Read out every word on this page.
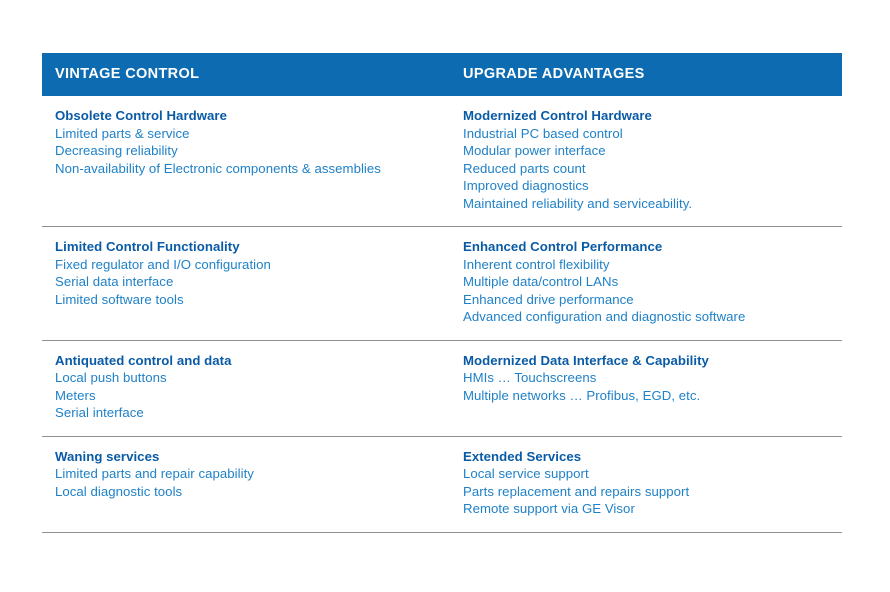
VINTAGE CONTROL	UPGRADE ADVANTAGES
Obsolete Control Hardware
Limited parts & service
Decreasing reliability
Non-availability of Electronic components & assemblies
Modernized Control Hardware
Industrial PC based control
Modular power interface
Reduced parts count
Improved diagnostics
Maintained reliability and serviceability.
Limited Control Functionality
Fixed regulator and I/O configuration
Serial data interface
Limited software tools
Enhanced Control Performance
Inherent control flexibility
Multiple data/control LANs
Enhanced drive performance
Advanced configuration and diagnostic software
Antiquated control and data
Local push buttons
Meters
Serial interface
Modernized Data Interface & Capability
HMIs … Touchscreens
Multiple networks … Profibus, EGD, etc.
Waning services
Limited parts and repair capability
Local diagnostic tools
Extended Services
Local service support
Parts replacement and repairs support
Remote support via GE Visor
